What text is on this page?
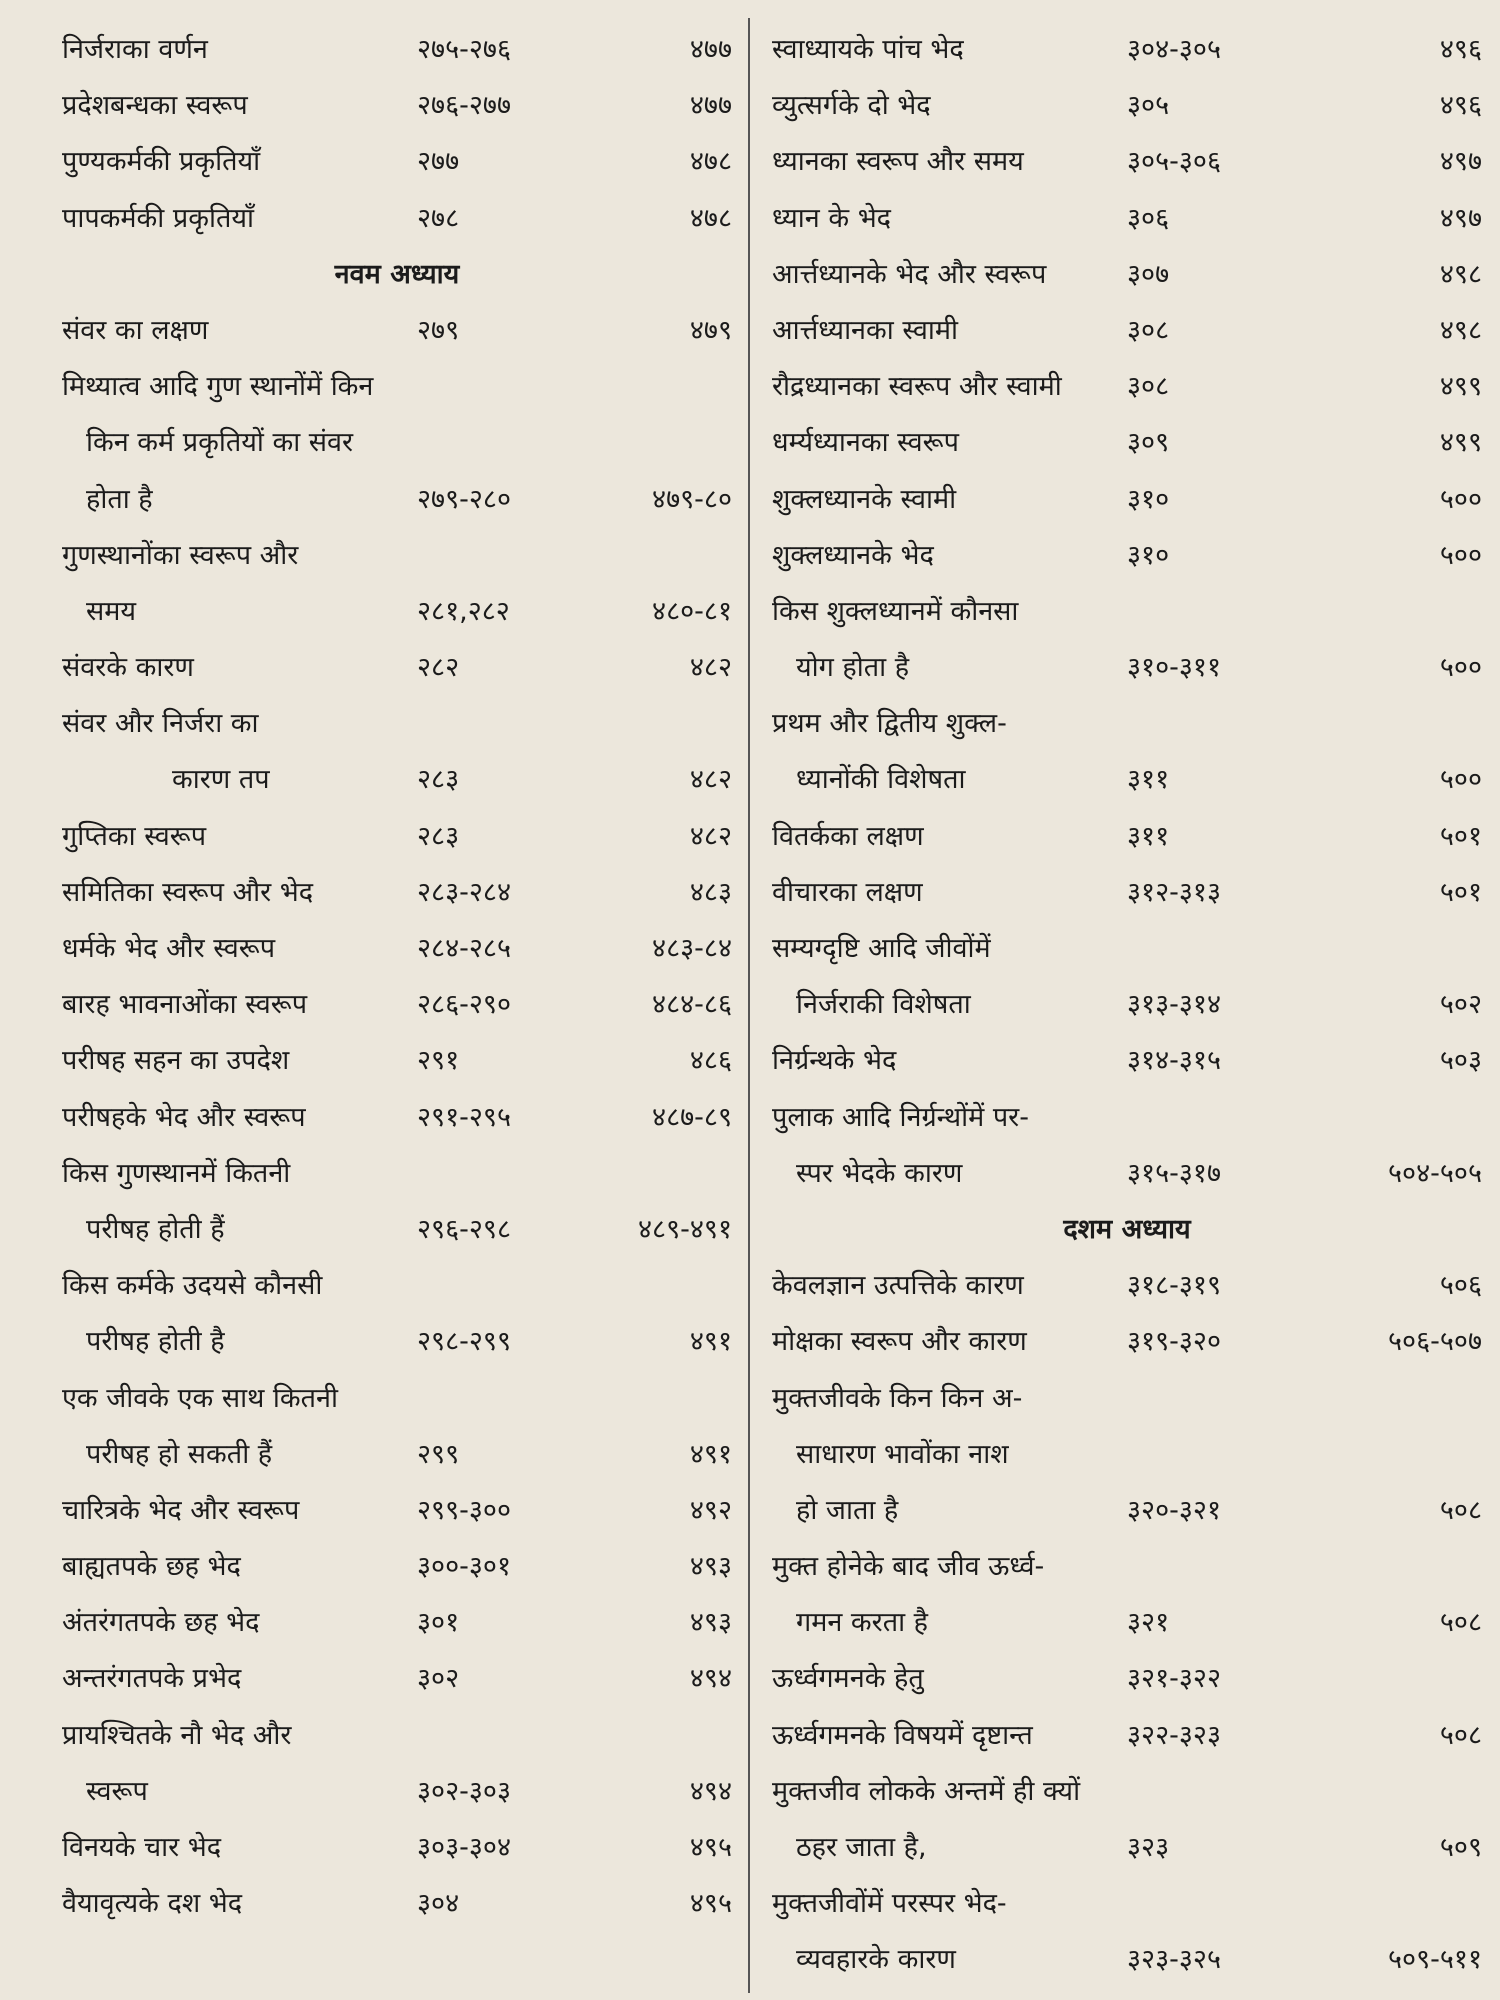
निर्जराका वर्णन	२७५-२७६	४७७
प्रदेशबन्धका स्वरूप	२७६-२७७	४७७
पुण्यकर्मकी प्रकृतियाँ	२७७	४७८
पापकर्मकी प्रकृतियाँ	२७८	४७८
नवम अध्याय
संवर का लक्षण	२७९	४७९
मिथ्यात्व आदि गुण स्थानोंमें किन
किन कर्म प्रकृतियों का संवर
होता है	२७९-२८०	४७९-८०
गुणस्थानोंका स्वरूप और
समय	२८१,२८२	४८०-८१
संवरके कारण	२८२	४८२
संवर और निर्जरा का
कारण तप	२८३	४८२
गुप्तिका स्वरूप	२८३	४८२
समितिका स्वरूप और भेद	२८३-२८४	४८३
धर्मके भेद और स्वरूप	२८४-२८५	४८३-८४
बारह भावनाओंका स्वरूप	२८६-२९०	४८४-८६
परीषह सहन का उपदेश	२९१	४८६
परीषहके भेद और स्वरूप	२९१-२९५	४८७-८९
किस गुणस्थानमें कितनी
परीषह होती हैं	२९६-२९८	४८९-४९१
किस कर्मके उदयसे कौनसी
परीषह होती है	२९८-२९९	४९१
एक जीवके एक साथ कितनी
परीषह हो सकती हैं	२९९	४९१
चारित्रके भेद और स्वरूप	२९९-३००	४९२
बाह्यतपके छह भेद	३००-३०१	४९३
अंतरंगतपके छह भेद	३०१	४९३
अन्तरंगतपके प्रभेद	३०२	४९४
प्रायश्चितके नौ भेद और
स्वरूप	३०२-३०३	४९४
विनयके चार भेद	३०३-३०४	४९५
वैयावृत्यके दश भेद	३०४	४९५
स्वाध्यायके पांच भेद	३०४-३०५	४९६
व्युत्सर्गके दो भेद	३०५	४९६
ध्यानका स्वरूप और समय	३०५-३०६	४९७
ध्यान के भेद	३०६	४९७
आर्त्तध्यानके भेद और स्वरूप	३०७	४९८
आर्त्तध्यानका स्वामी	३०८	४९८
रौद्रध्यानका स्वरूप और स्वामी ३०८	४९९
धर्म्यध्यानका स्वरूप	३०९	४९९
शुक्लध्यानके स्वामी	३१०	५००
शुक्लध्यानके भेद	३१०	५००
किस शुक्लध्यानमें कौनसा
योग होता है	३१०-३११	५००
प्रथम और द्वितीय शुक्ल-
ध्यानोंकी विशेषता	३११	५००
वितर्कका लक्षण	३११	५०१
वीचारका लक्षण	३१२-३१३	५०१
सम्यग्दृष्टि आदि जीवोंमें
निर्जराकी विशेषता	३१३-३१४	५०२
निर्ग्रन्थके भेद	३१४-३१५	५०३
पुलाक आदि निर्ग्रन्थोंमें पर-
स्पर भेदके कारण	३१५-३१७	५०४-५०५
दशम अध्याय
केवलज्ञान उत्पत्तिके कारण	३१८-३१९	५०६
मोक्षका स्वरूप और कारण	३१९-३२०	५०६-५०७
मुक्तजीवके किन किन अ-
साधारण भावोंका नाश
हो जाता है	३२०-३२१	५०८
मुक्त होनेके बाद जीव ऊर्ध्व-
गमन करता है	३२१	५०८
ऊर्ध्वगमनके हेतु	३२१-३२२
ऊर्ध्वगमनके विषयमें दृष्टान्त	३२२-३२३	५०८
मुक्तजीव लोकके अन्तमें ही क्यों
ठहर जाता है,	३२३	५०९
मुक्तजीवोंमें परस्पर भेद-
व्यवहारके कारण	३२३-३२५	५०९-५११
